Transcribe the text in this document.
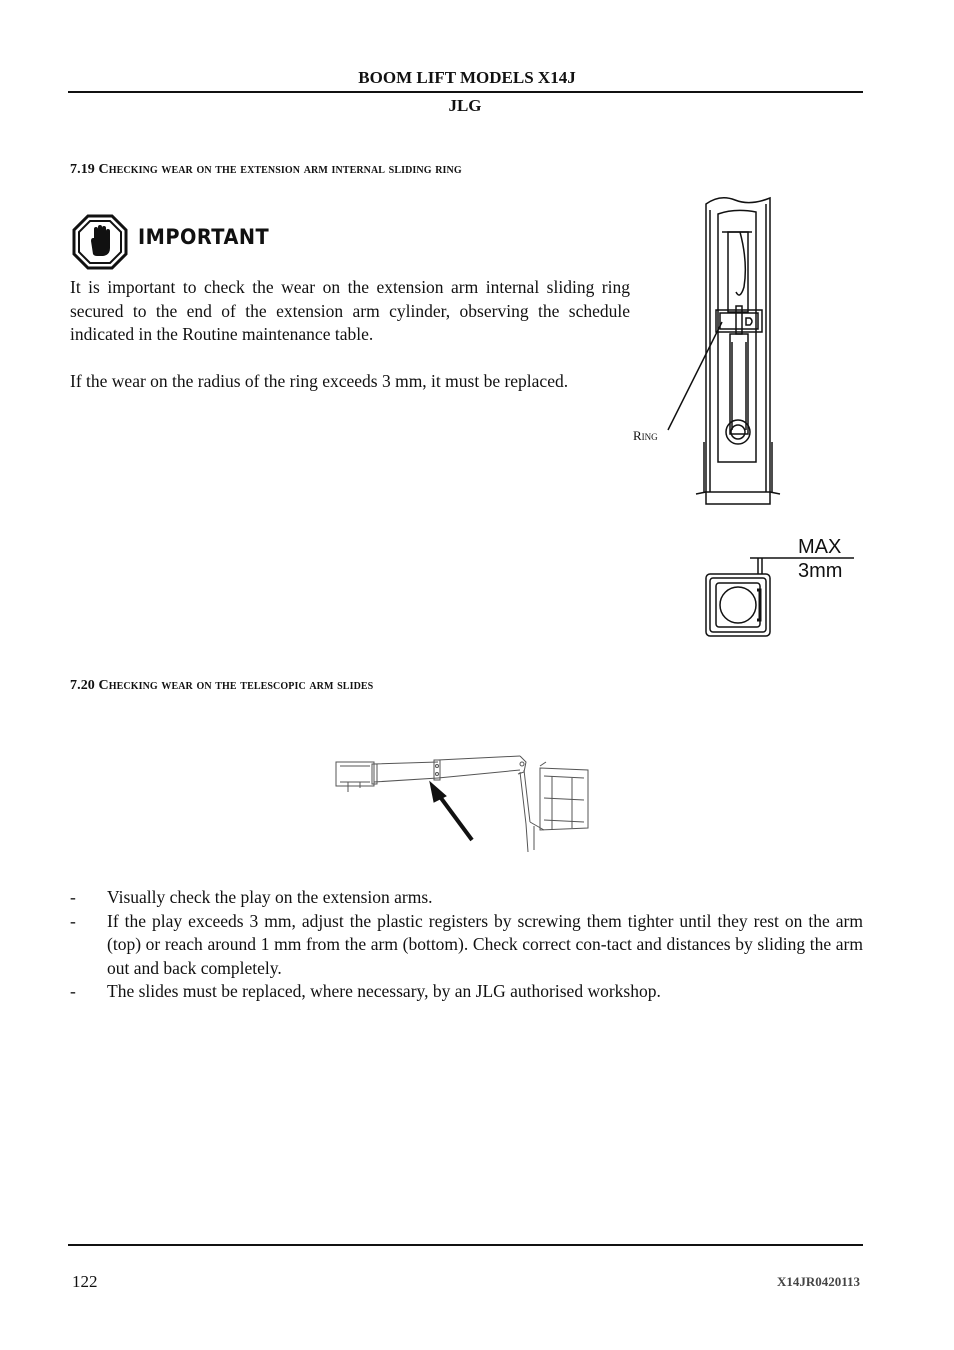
BOOM LIFT MODELS X14J
JLG
7.19 Checking wear on the extension arm internal sliding ring
IMPORTANT
It is important to check the wear on the extension arm internal sliding ring secured to the end of the extension arm cylinder, observing the schedule indicated in the Routine maintenance table.
If the wear on the radius of the ring exceeds 3 mm, it must be replaced.
Ring
MAX
3mm
7.20 Checking wear on the telescopic arm slides
- Visually check the play on the extension arms.
- If the play exceeds 3 mm, adjust the plastic registers by screwing them tighter until they rest on the arm (top) or reach around 1 mm from the arm (bottom). Check correct con-tact and distances by sliding the arm out and back completely.
- The slides must be replaced, where necessary, by an JLG authorised workshop.
122	X14JR0420113
